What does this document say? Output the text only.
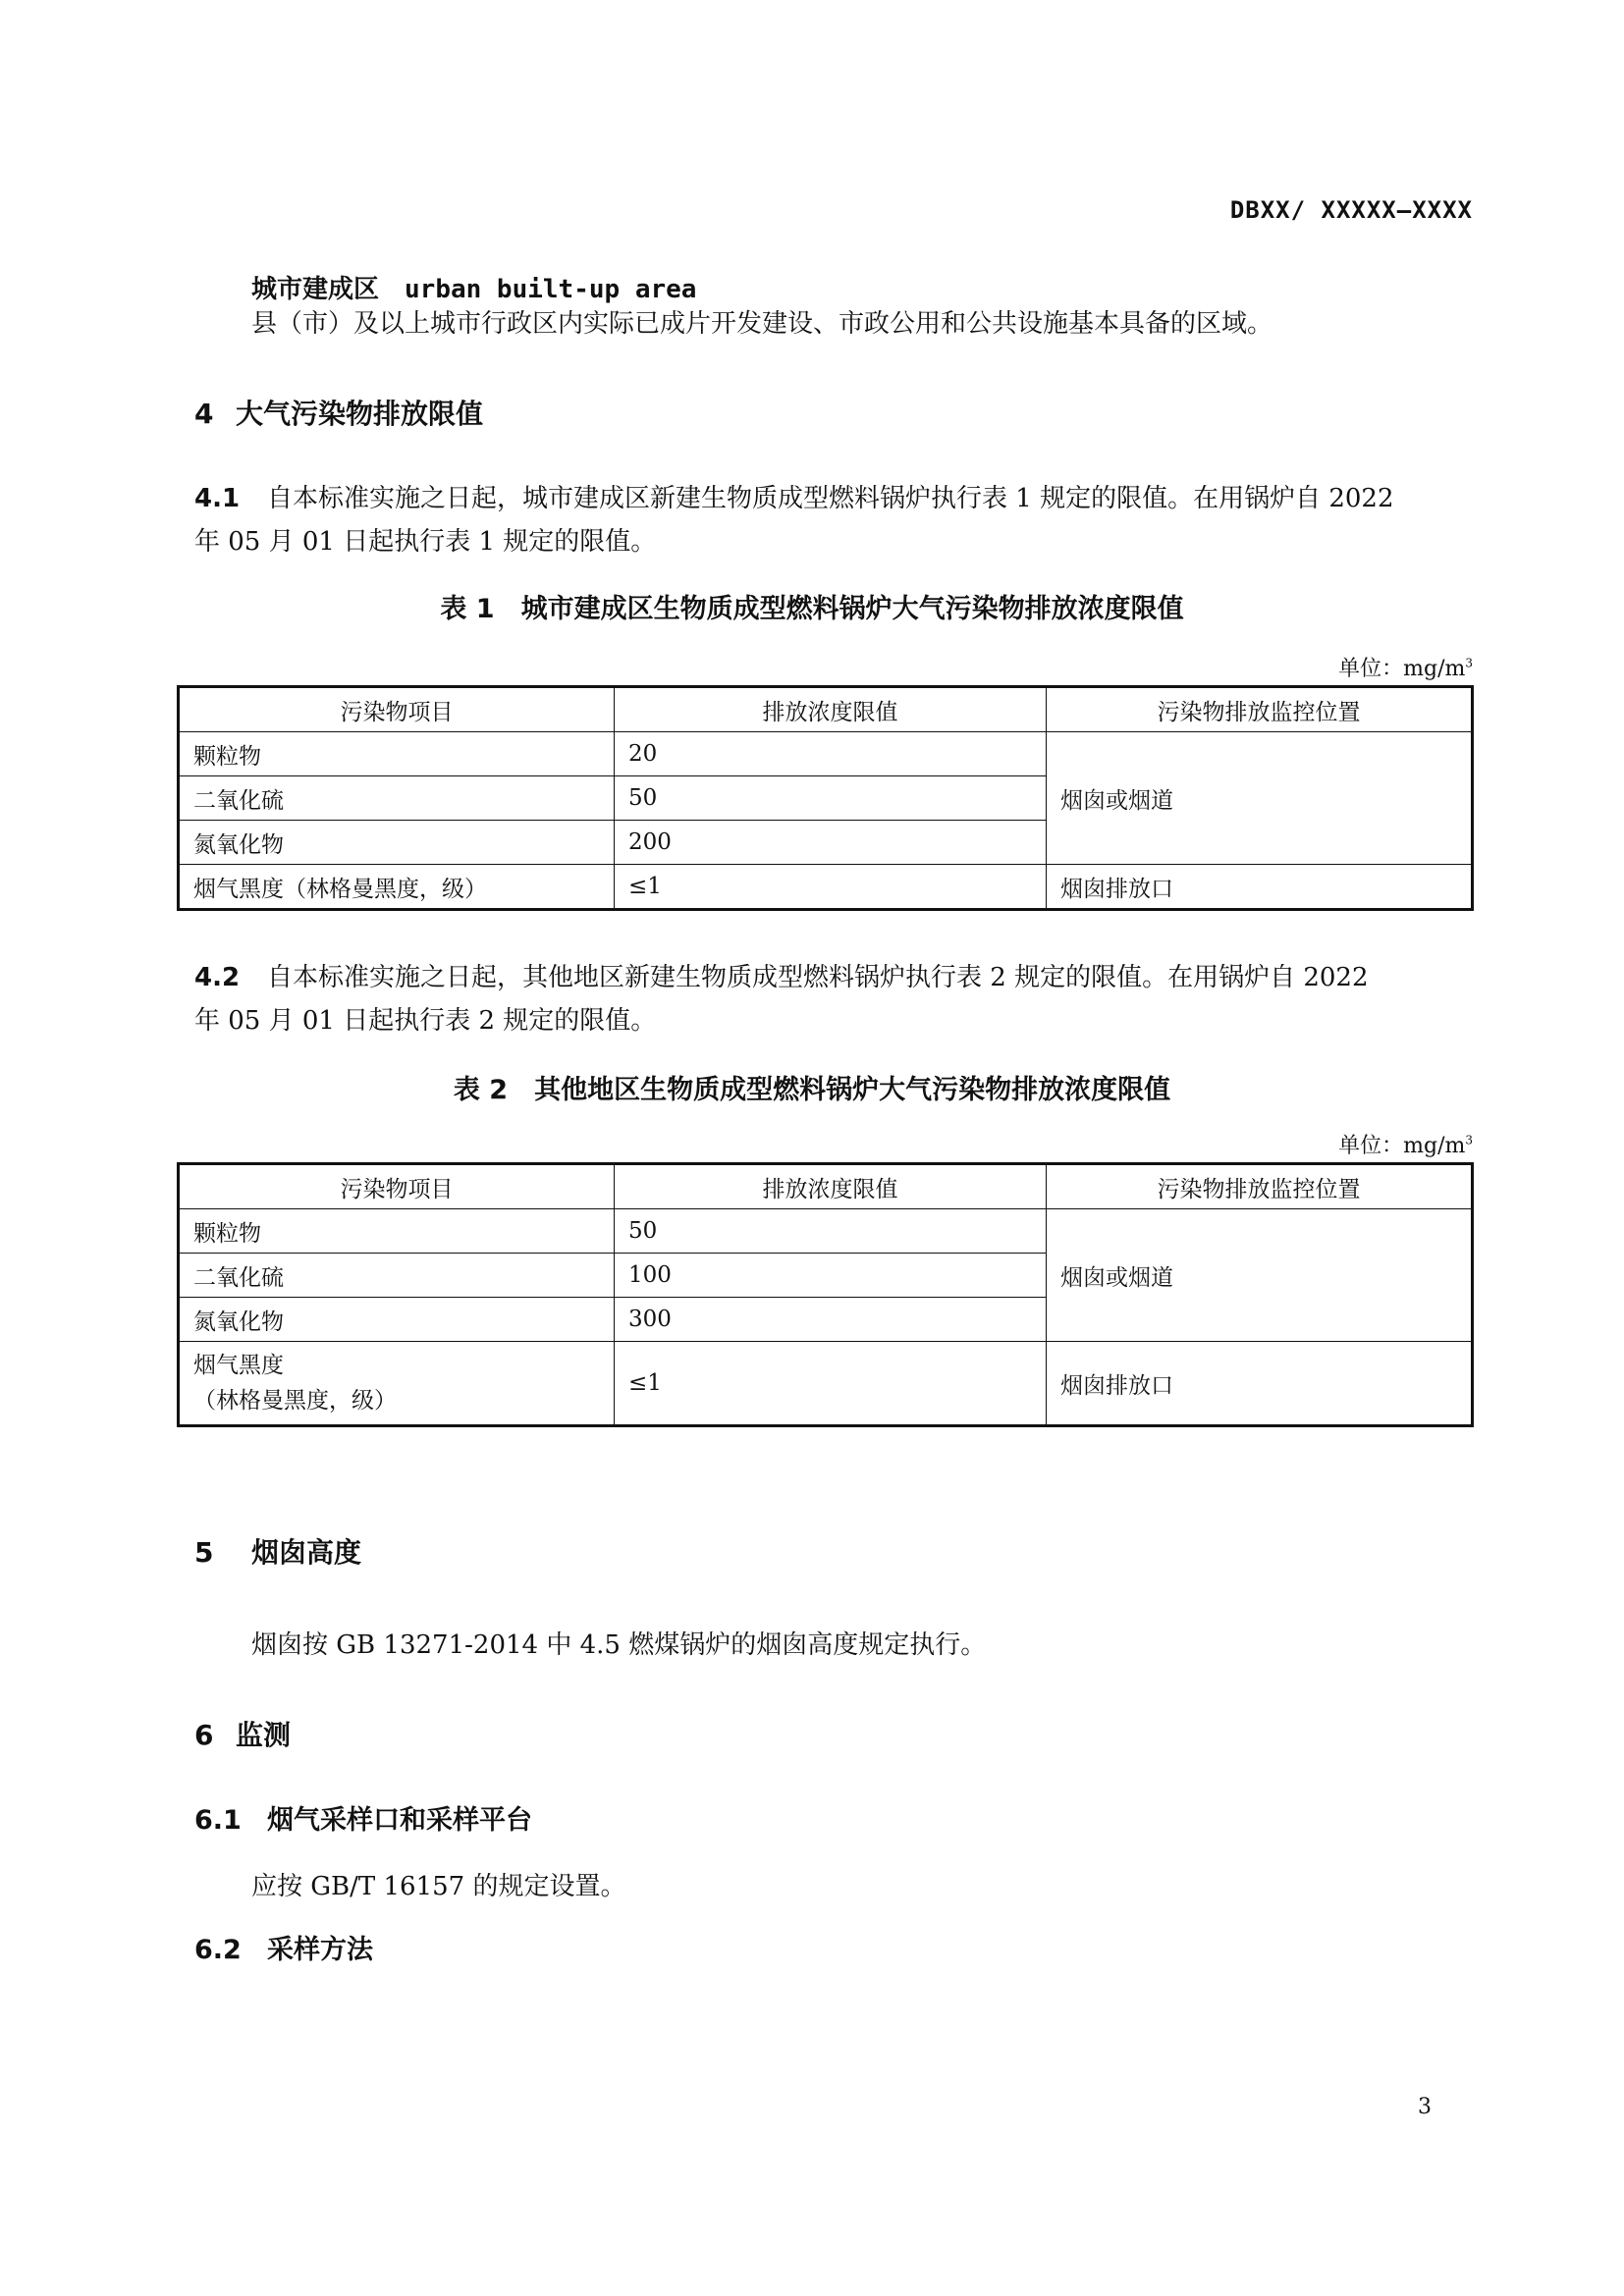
DBXX/ XXXXX—XXXX
城市建成区 urban built-up area
县（市）及以上城市行政区内实际已成片开发建设、市政公用和公共设施基本具备的区域。
4 大气污染物排放限值
4.1 自本标准实施之日起，城市建成区新建生物质成型燃料锅炉执行表 1 规定的限值。在用锅炉自 2022
年 05 月 01 日起执行表 1 规定的限值。
表 1　城市建成区生物质成型燃料锅炉大气污染物排放浓度限值
单位：$mg/m^3$
污染物项目	排放浓度限值	污染物排放监控位置
颗粒物	20	烟囱或烟道
二氧化硫	50	
氮氧化物	200	
烟气黑度（林格曼黑度，级）	≤1	烟囱排放口
4.2 自本标准实施之日起，其他地区新建生物质成型燃料锅炉执行表 2 规定的限值。在用锅炉自 2022
年 05 月 01 日起执行表 2 规定的限值。
表 2　其他地区生物质成型燃料锅炉大气污染物排放浓度限值
单位：$mg/m^3$
污染物项目	排放浓度限值	污染物排放监控位置
颗粒物	50	烟囱或烟道
二氧化硫	100	
氮氧化物	300	
烟气黑度
（林格曼黑度，级）	≤1	烟囱排放口
5 烟囱高度
烟囱按 GB 13271-2014 中 4.5 燃煤锅炉的烟囱高度规定执行。
6 监测
6.1 烟气采样口和采样平台
应按 GB/T 16157 的规定设置。
6.2 采样方法
3
